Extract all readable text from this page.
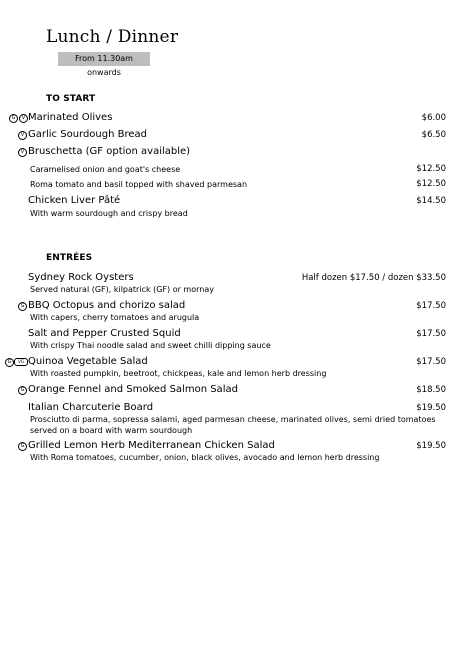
Lunch / Dinner
From 11.30am onwards
TO START
G	V Marinated Olives	$6.00
V Garlic Sourdough Bread	$6.50
V Bruschetta (GF option available)
Caramelised onion and goat's cheese	$12.50
Roma tomato and basil topped with shaved parmesan	$12.50
Chicken Liver Pâté	$14.50
With warm sourdough and crispy bread
ENTRÉES
Sydney Rock Oysters	Half dozen $17.50 / dozen $33.50
Served natural (GF), kilpatrick (GF) or mornay
G BBQ Octopus and chorizo salad	$17.50
With capers, cherry tomatoes and arugula
Salt and Pepper Crusted Squid	$17.50
With crispy Thai noodle salad and sweet chilli dipping sauce
G	VG Quinoa Vegetable Salad	$17.50
With roasted pumpkin, beetroot, chickpeas, kale and lemon herb dressing
G Orange Fennel and Smoked Salmon Salad	$18.50
Italian Charcuterie Board	$19.50
Prosciutto di parma, sopressa salami, aged parmesan cheese, marinated olives, semi dried tomatoes
served on a board with warm sourdough
G Grilled Lemon Herb Mediterranean Chicken Salad	$19.50
With Roma tomatoes, cucumber, onion, black olives, avocado and lemon herb dressing
